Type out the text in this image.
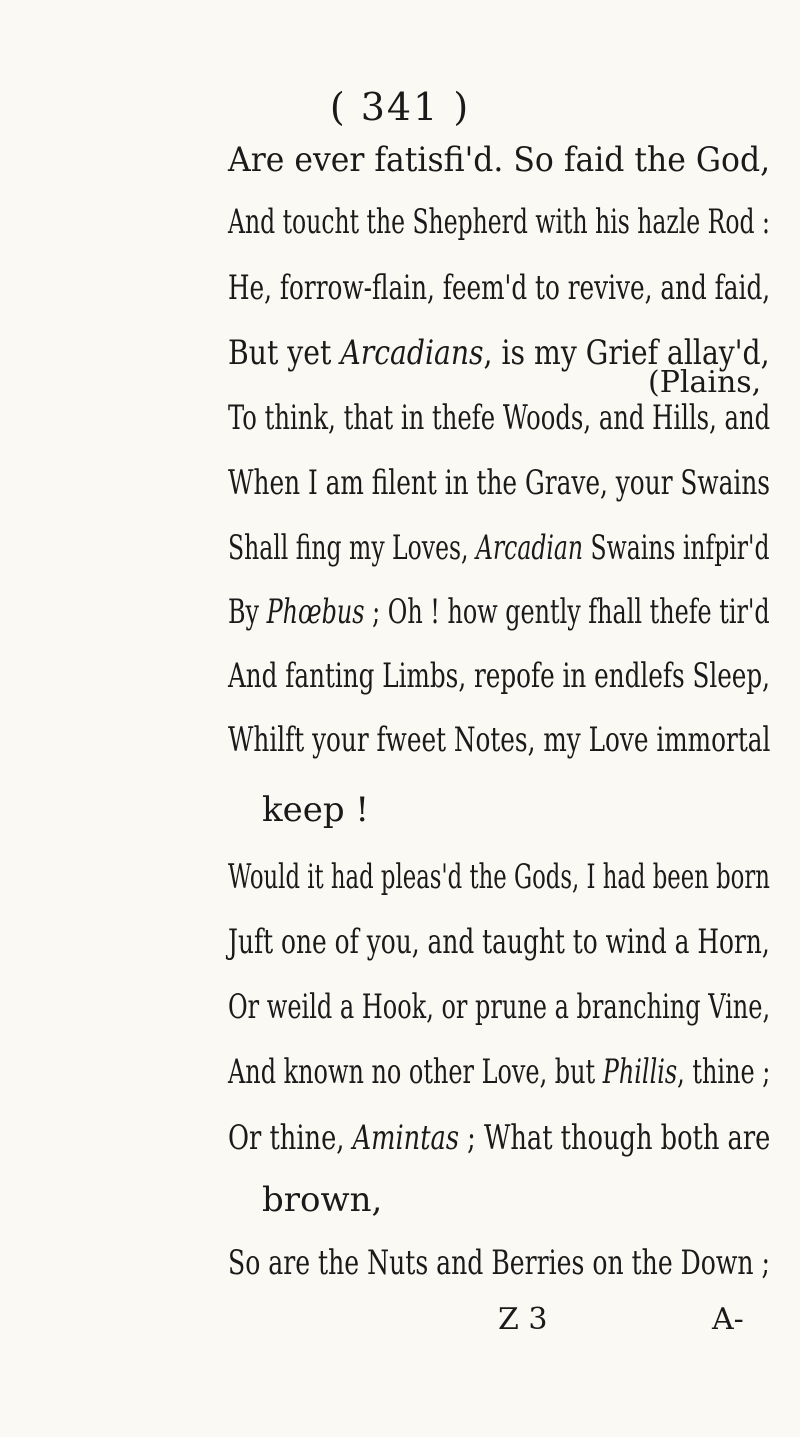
( 341 )
Are ever fatisfi'd. So faid the God,
And toucht the Shepherd with his hazle Rod :
He, forrow-flain, feem'd to revive, and faid,
But yet Arcadians, is my Grief allay'd,
To think, that in thefe Woods, and Hills, and
When I am filent in the Grave, your Swains
Shall fing my Loves, Arcadian Swains infpir'd
By Phœbus ; Oh ! how gently fhall thefe tir'd
And fanting Limbs, repofe in endlefs Sleep,
Whilft your fweet Notes, my Love immortal
keep !
Would it had pleas'd the Gods, I had been born
Juft one of you, and taught to wind a Horn,
Or weild a Hook, or prune a branching Vine,
And known no other Love, but Phillis, thine ;
Or thine, Amintas ; What though both are
brown,
So are the Nuts and Berries on the Down ;
(Plains,
Z 3	A-
